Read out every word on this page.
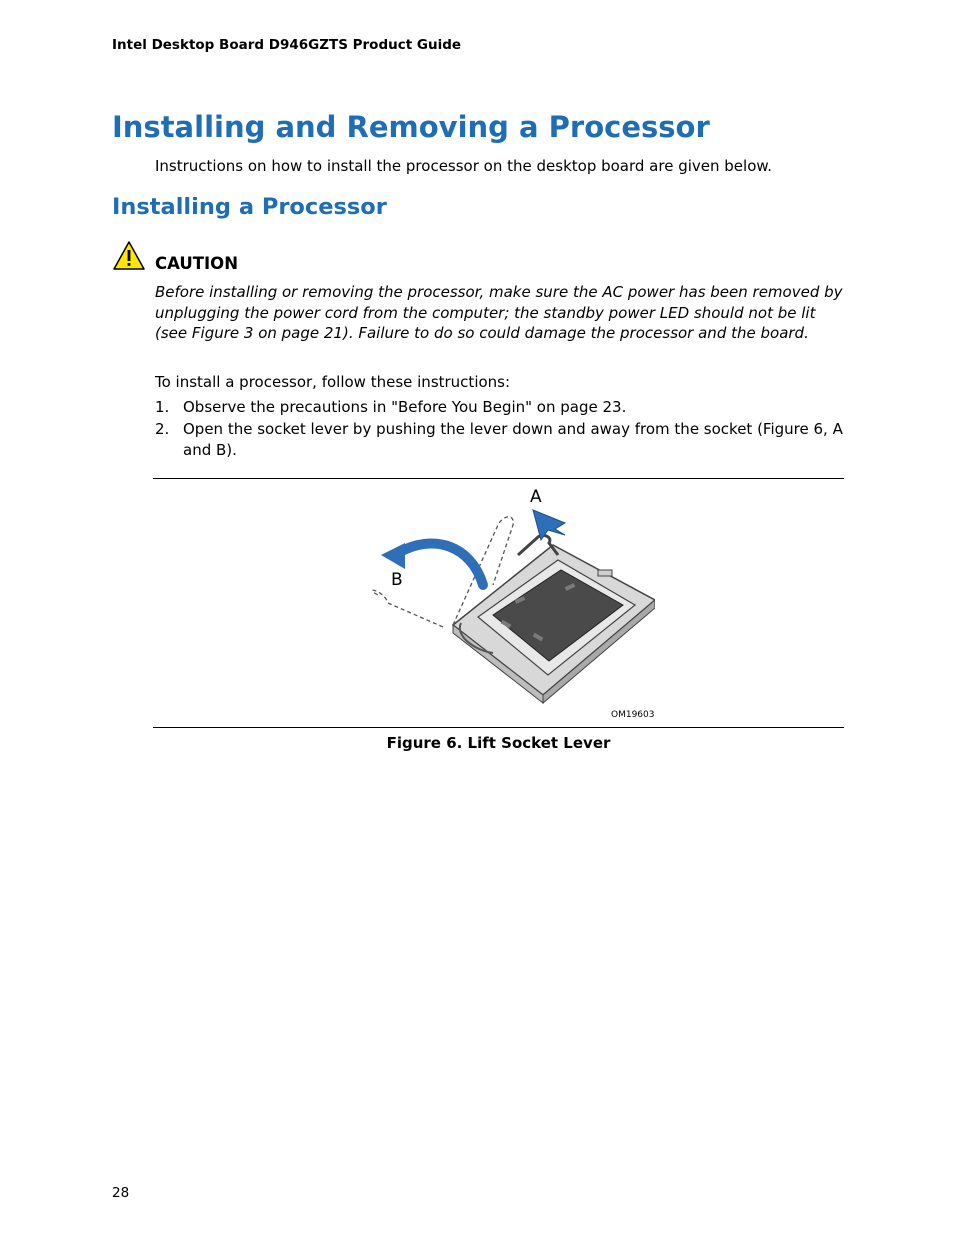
Intel Desktop Board D946GZTS Product Guide
Installing and Removing a Processor
Instructions on how to install the processor on the desktop board are given below.
Installing a Processor
CAUTION
Before installing or removing the processor, make sure the AC power has been removed by unplugging the power cord from the computer; the standby power LED should not be lit (see Figure 3 on page 21). Failure to do so could damage the processor and the board.
To install a processor, follow these instructions:
1. Observe the precautions in "Before You Begin" on page 23.
2. Open the socket lever by pushing the lever down and away from the socket (Figure 6, A and B).
A
B
OM19603
Figure 6. Lift Socket Lever
28
